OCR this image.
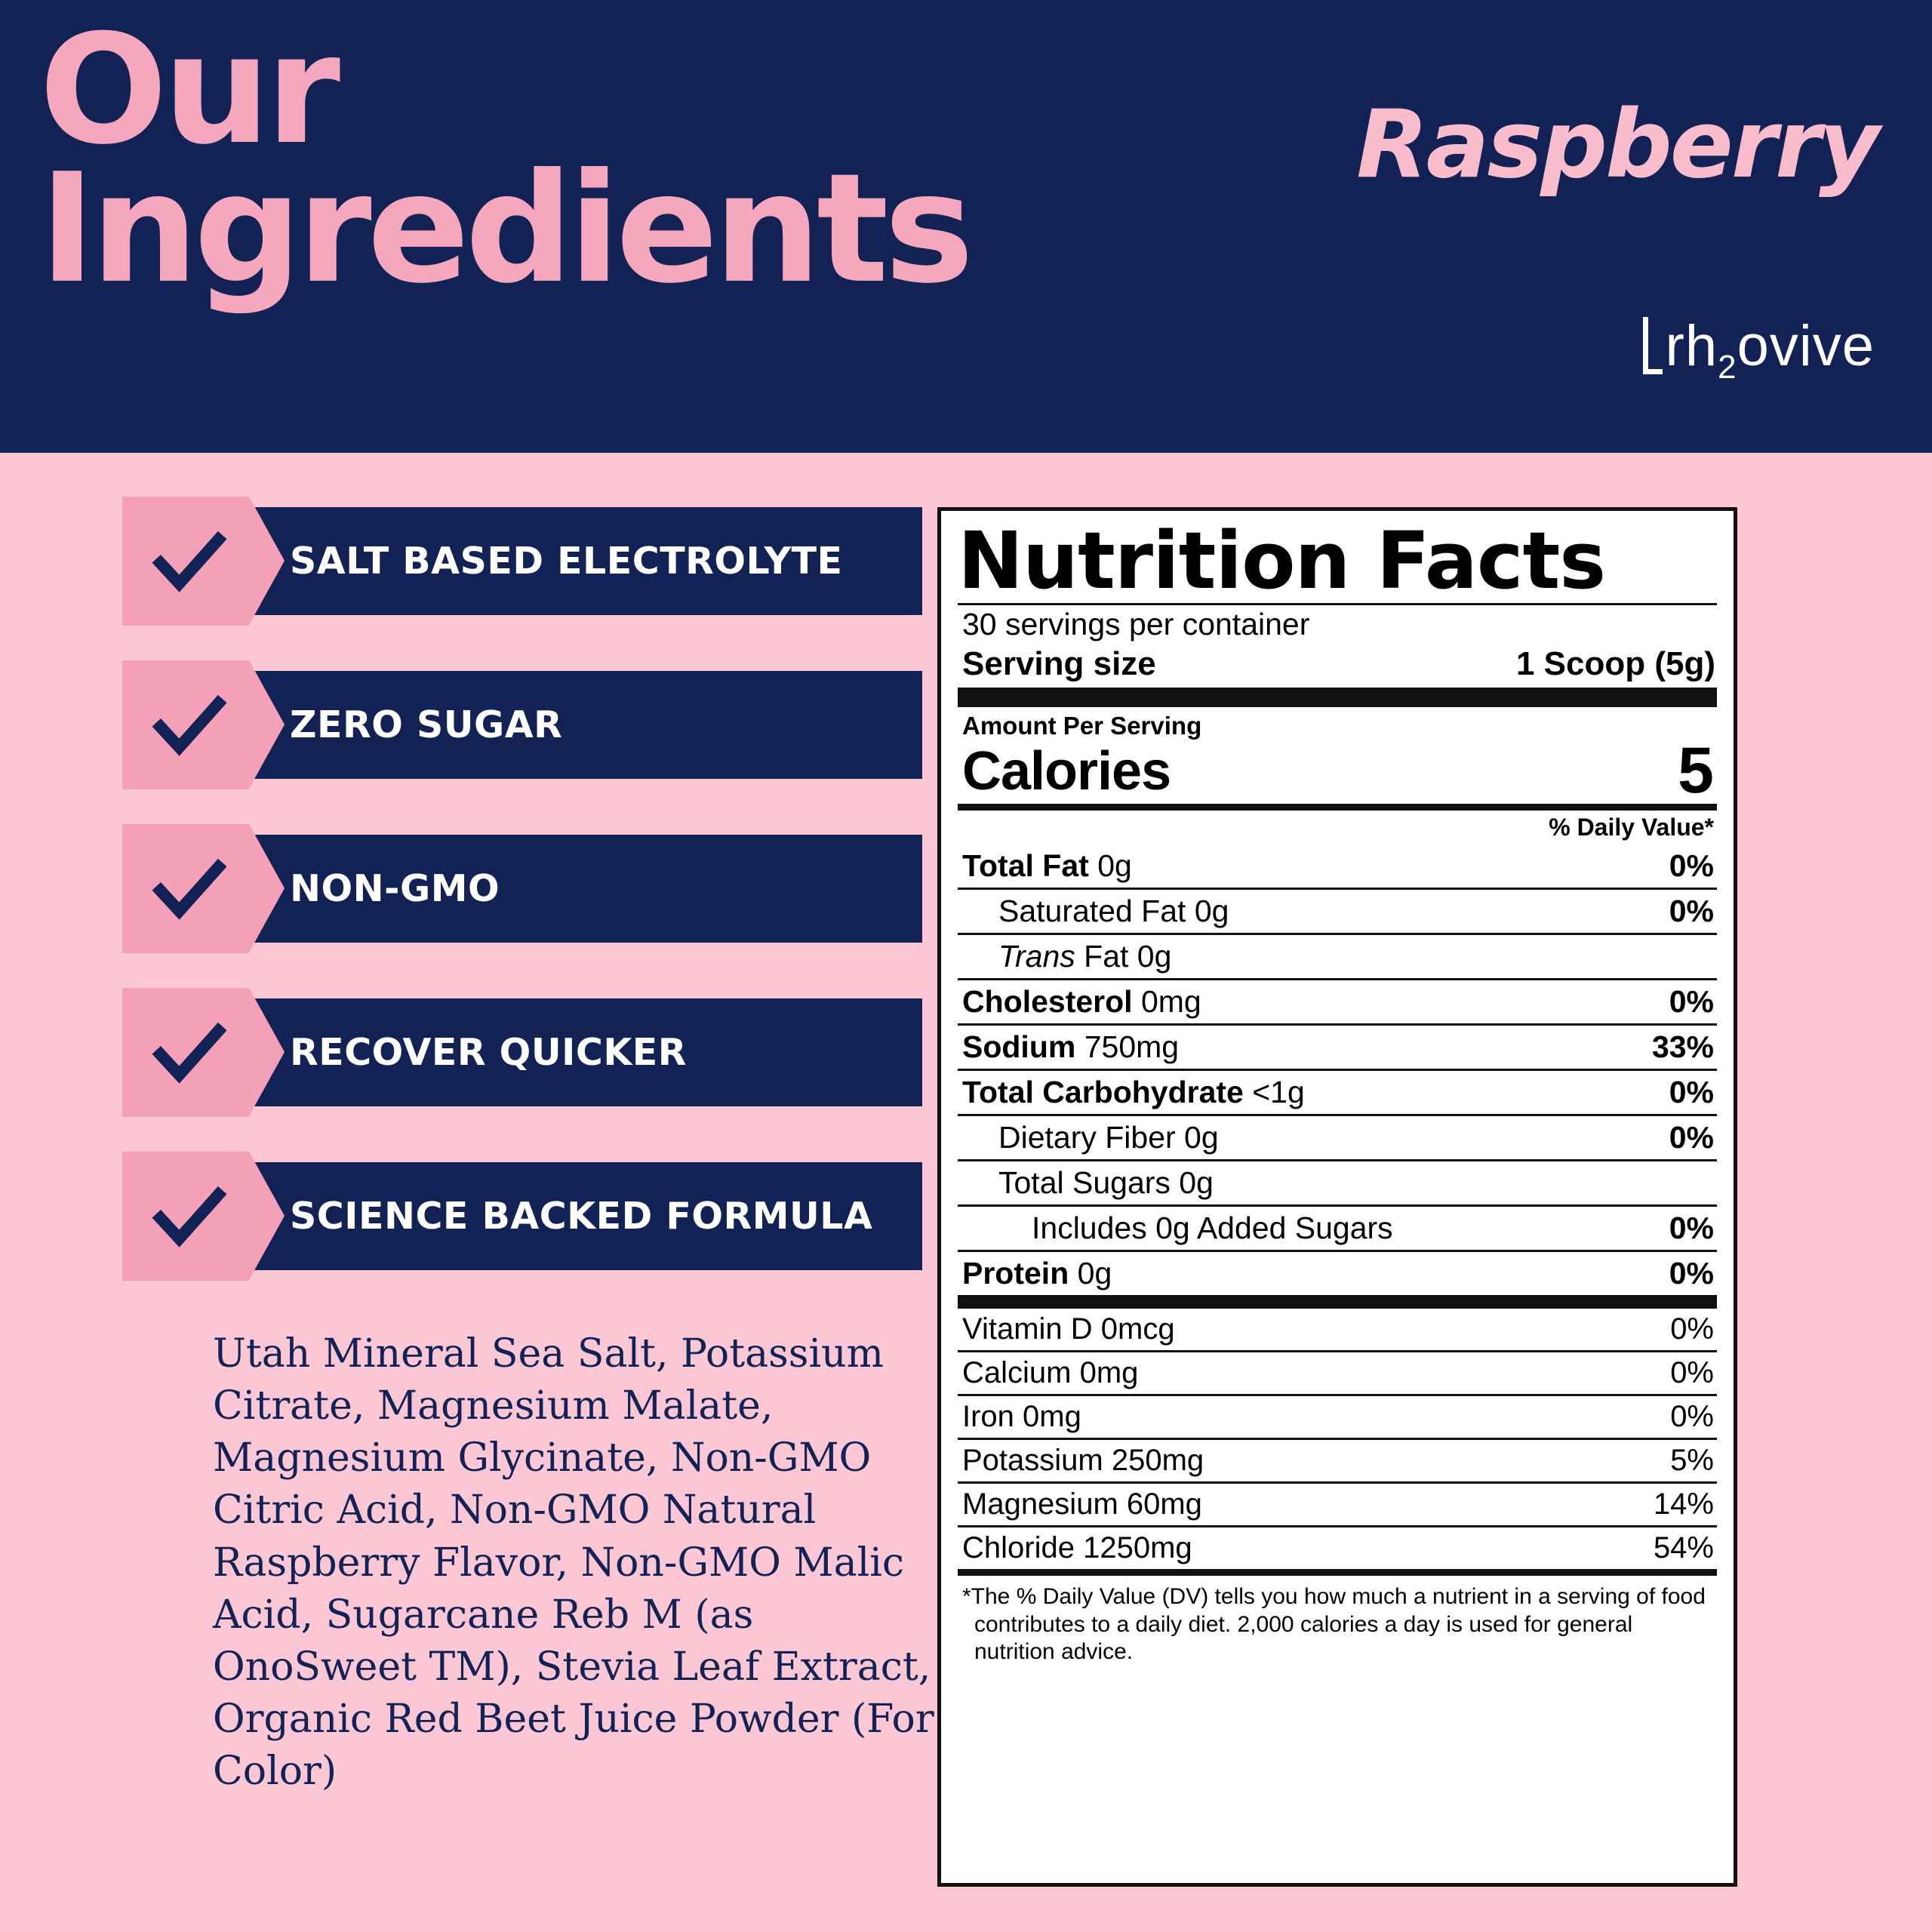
Our
Ingredients	Raspberry
rh 2 ovive
SALT BASED ELECTROLYTE
ZERO SUGAR
NON-GMO
RECOVER QUICKER
SCIENCE BACKED FORMULA
Utah Mineral Sea Salt, Potassium Citrate, Magnesium Malate, Magnesium Glycinate, Non-GMO Citric Acid, Non-GMO Natural Raspberry Flavor, Non-GMO Malic Acid, Sugarcane Reb M (as OnoSweet TM), Stevia Leaf Extract, Organic Red Beet Juice Powder (For Color)
Nutrition Facts
30 servings per container
Serving size	1 Scoop (5g)
Amount Per Serving
Calories	5
% Daily Value*
Total Fat 0g	0%
Saturated Fat 0g	0%
Trans Fat 0g
Cholesterol 0mg	0%
Sodium 750mg	33%
Total Carbohydrate <1g	0%
Dietary Fiber 0g	0%
Total Sugars 0g
Includes 0g Added Sugars	0%
Protein 0g	0%
Vitamin D 0mcg	0%
Calcium 0mg	0%
Iron 0mg	0%
Potassium 250mg	5%
Magnesium 60mg	14%
Chloride 1250mg	54%
*The % Daily Value (DV) tells you how much a nutrient in a serving of food contributes to a daily diet. 2,000 calories a day is used for general nutrition advice.
